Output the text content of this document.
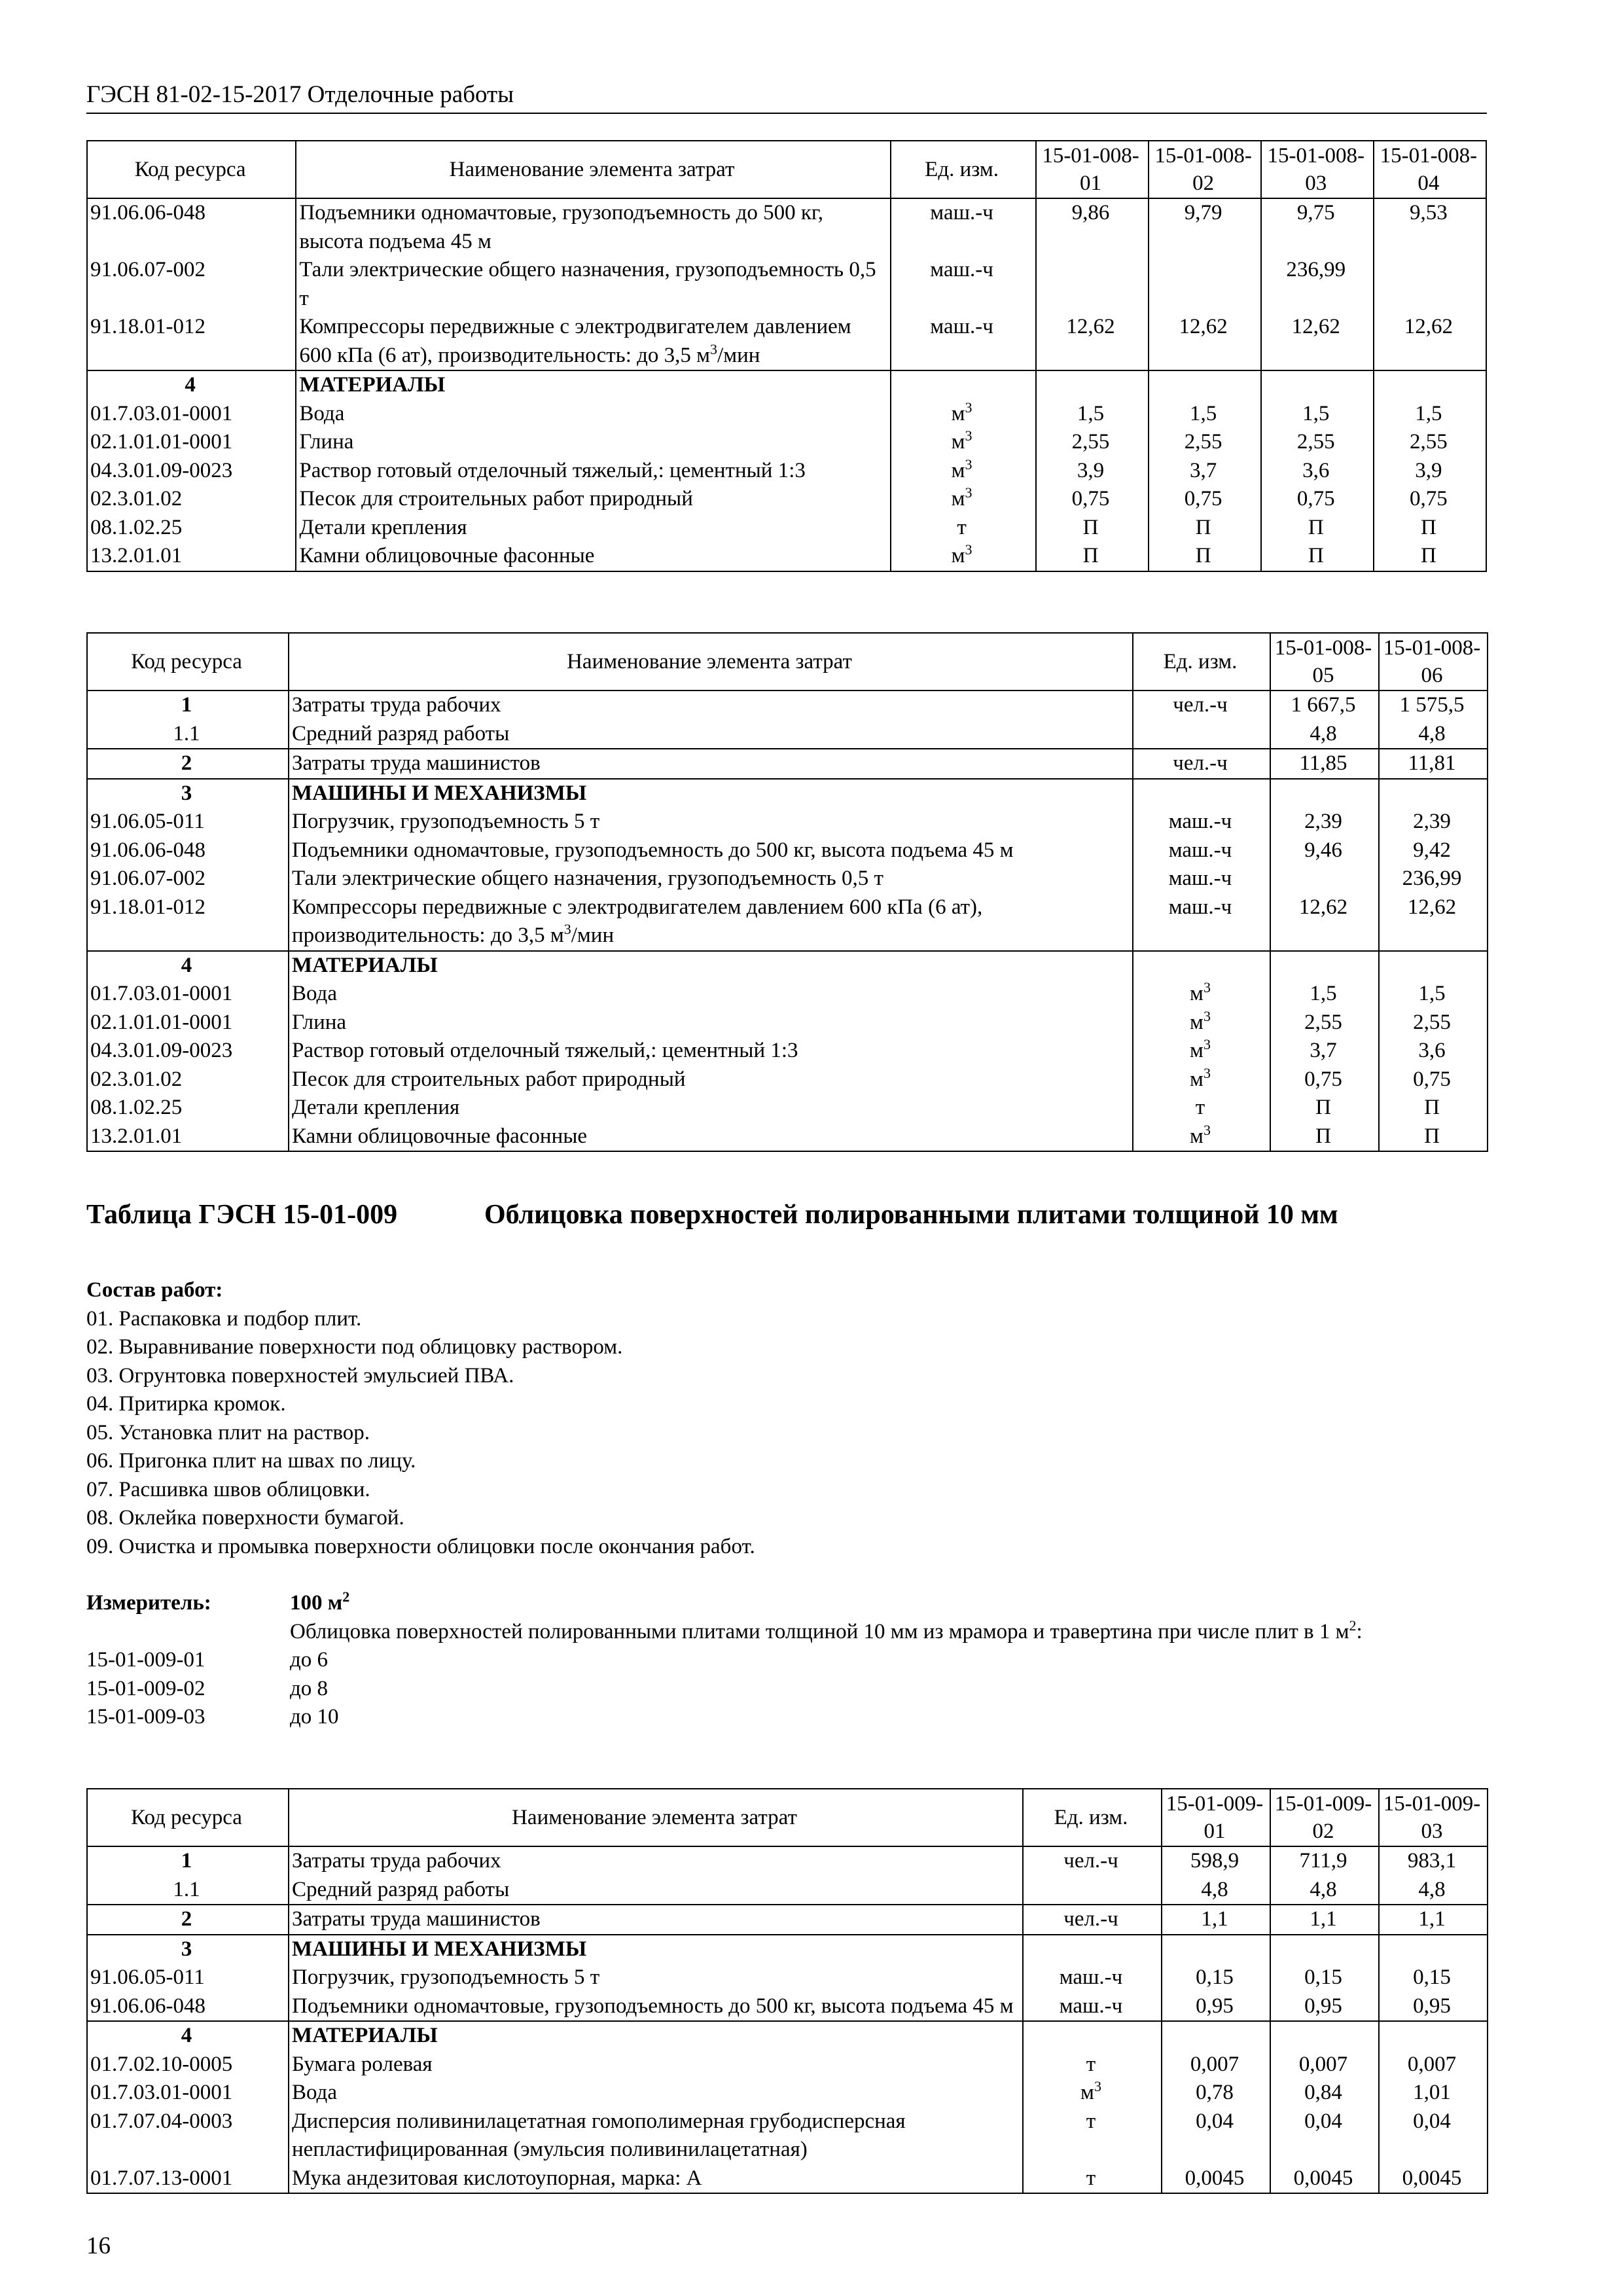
ГЭСН 81-02-15-2017 Отделочные работы
Код ресурса	Наименование элемента затрат	Ед. изм.	15-01-008-01	15-01-008-02	15-01-008-03	15-01-008-04
91.06.06-048	Подъемники одномачтовые, грузоподъемность до 500 кг, высота подъема 45 м	маш.-ч	9,86	9,79	9,75	9,53
91.06.07-002	Тали электрические общего назначения, грузоподъемность 0,5 т	маш.-ч			236,99	
91.18.01-012	Компрессоры передвижные с электродвигателем давлением 600 кПа (6 ат), производительность: до 3,5 $м^3$/мин	маш.-ч	12,62	12,62	12,62	12,62
4	МАТЕРИАЛЫ					
01.7.03.01-0001	Вода	$м^3$	1,5	1,5	1,5	1,5
02.1.01.01-0001	Глина	$м^3$	2,55	2,55	2,55	2,55
04.3.01.09-0023	Раствор готовый отделочный тяжелый,: цементный 1:3	$м^3$	3,9	3,7	3,6	3,9
02.3.01.02	Песок для строительных работ природный	$м^3$	0,75	0,75	0,75	0,75
08.1.02.25	Детали крепления	т	П	П	П	П
13.2.01.01	Камни облицовочные фасонные	$м^3$	П	П	П	П
Код ресурса	Наименование элемента затрат	Ед. изм.	15-01-008-05	15-01-008-06
1	Затраты труда рабочих	чел.-ч	1 667,5	1 575,5
1.1	Средний разряд работы		4,8	4,8
2	Затраты труда машинистов	чел.-ч	11,85	11,81
3	МАШИНЫ И МЕХАНИЗМЫ			
91.06.05-011	Погрузчик, грузоподъемность 5 т	маш.-ч	2,39	2,39
91.06.06-048	Подъемники одномачтовые, грузоподъемность до 500 кг, высота подъема 45 м	маш.-ч	9,46	9,42
91.06.07-002	Тали электрические общего назначения, грузоподъемность 0,5 т	маш.-ч		236,99
91.18.01-012	Компрессоры передвижные с электродвигателем давлением 600 кПа (6 ат), производительность: до 3,5 $м^3$/мин	маш.-ч	12,62	12,62
4	МАТЕРИАЛЫ			
01.7.03.01-0001	Вода	$м^3$	1,5	1,5
02.1.01.01-0001	Глина	$м^3$	2,55	2,55
04.3.01.09-0023	Раствор готовый отделочный тяжелый,: цементный 1:3	$м^3$	3,7	3,6
02.3.01.02	Песок для строительных работ природный	$м^3$	0,75	0,75
08.1.02.25	Детали крепления	т	П	П
13.2.01.01	Камни облицовочные фасонные	$м^3$	П	П
Таблица ГЭСН 15-01-009	Облицовка поверхностей полированными плитами толщиной 10 мм
Состав работ:
01. Распаковка и подбор плит.
02. Выравнивание поверхности под облицовку раствором.
03. Огрунтовка поверхностей эмульсией ПВА.
04. Притирка кромок.
05. Установка плит на раствор.
06. Пригонка плит на швах по лицу.
07. Расшивка швов облицовки.
08. Оклейка поверхности бумагой.
09. Очистка и промывка поверхности облицовки после окончания работ.
Измеритель:	100 $м^2$
Облицовка поверхностей полированными плитами толщиной 10 мм из мрамора и травертина при числе плит в 1 $м^2$:
15-01-009-01	до 6
15-01-009-02	до 8
15-01-009-03	до 10
Код ресурса	Наименование элемента затрат	Ед. изм.	15-01-009-01	15-01-009-02	15-01-009-03
1	Затраты труда рабочих	чел.-ч	598,9	711,9	983,1
1.1	Средний разряд работы		4,8	4,8	4,8
2	Затраты труда машинистов	чел.-ч	1,1	1,1	1,1
3	МАШИНЫ И МЕХАНИЗМЫ				
91.06.05-011	Погрузчик, грузоподъемность 5 т	маш.-ч	0,15	0,15	0,15
91.06.06-048	Подъемники одномачтовые, грузоподъемность до 500 кг, высота подъема 45 м	маш.-ч	0,95	0,95	0,95
4	МАТЕРИАЛЫ				
01.7.02.10-0005	Бумага ролевая	т	0,007	0,007	0,007
01.7.03.01-0001	Вода	$м^3$	0,78	0,84	1,01
01.7.07.04-0003	Дисперсия поливинилацетатная гомополимерная грубодисперсная непластифицированная (эмульсия поливинилацетатная)	т	0,04	0,04	0,04
01.7.07.13-0001	Мука андезитовая кислотоупорная, марка: А	т	0,0045	0,0045	0,0045
16
